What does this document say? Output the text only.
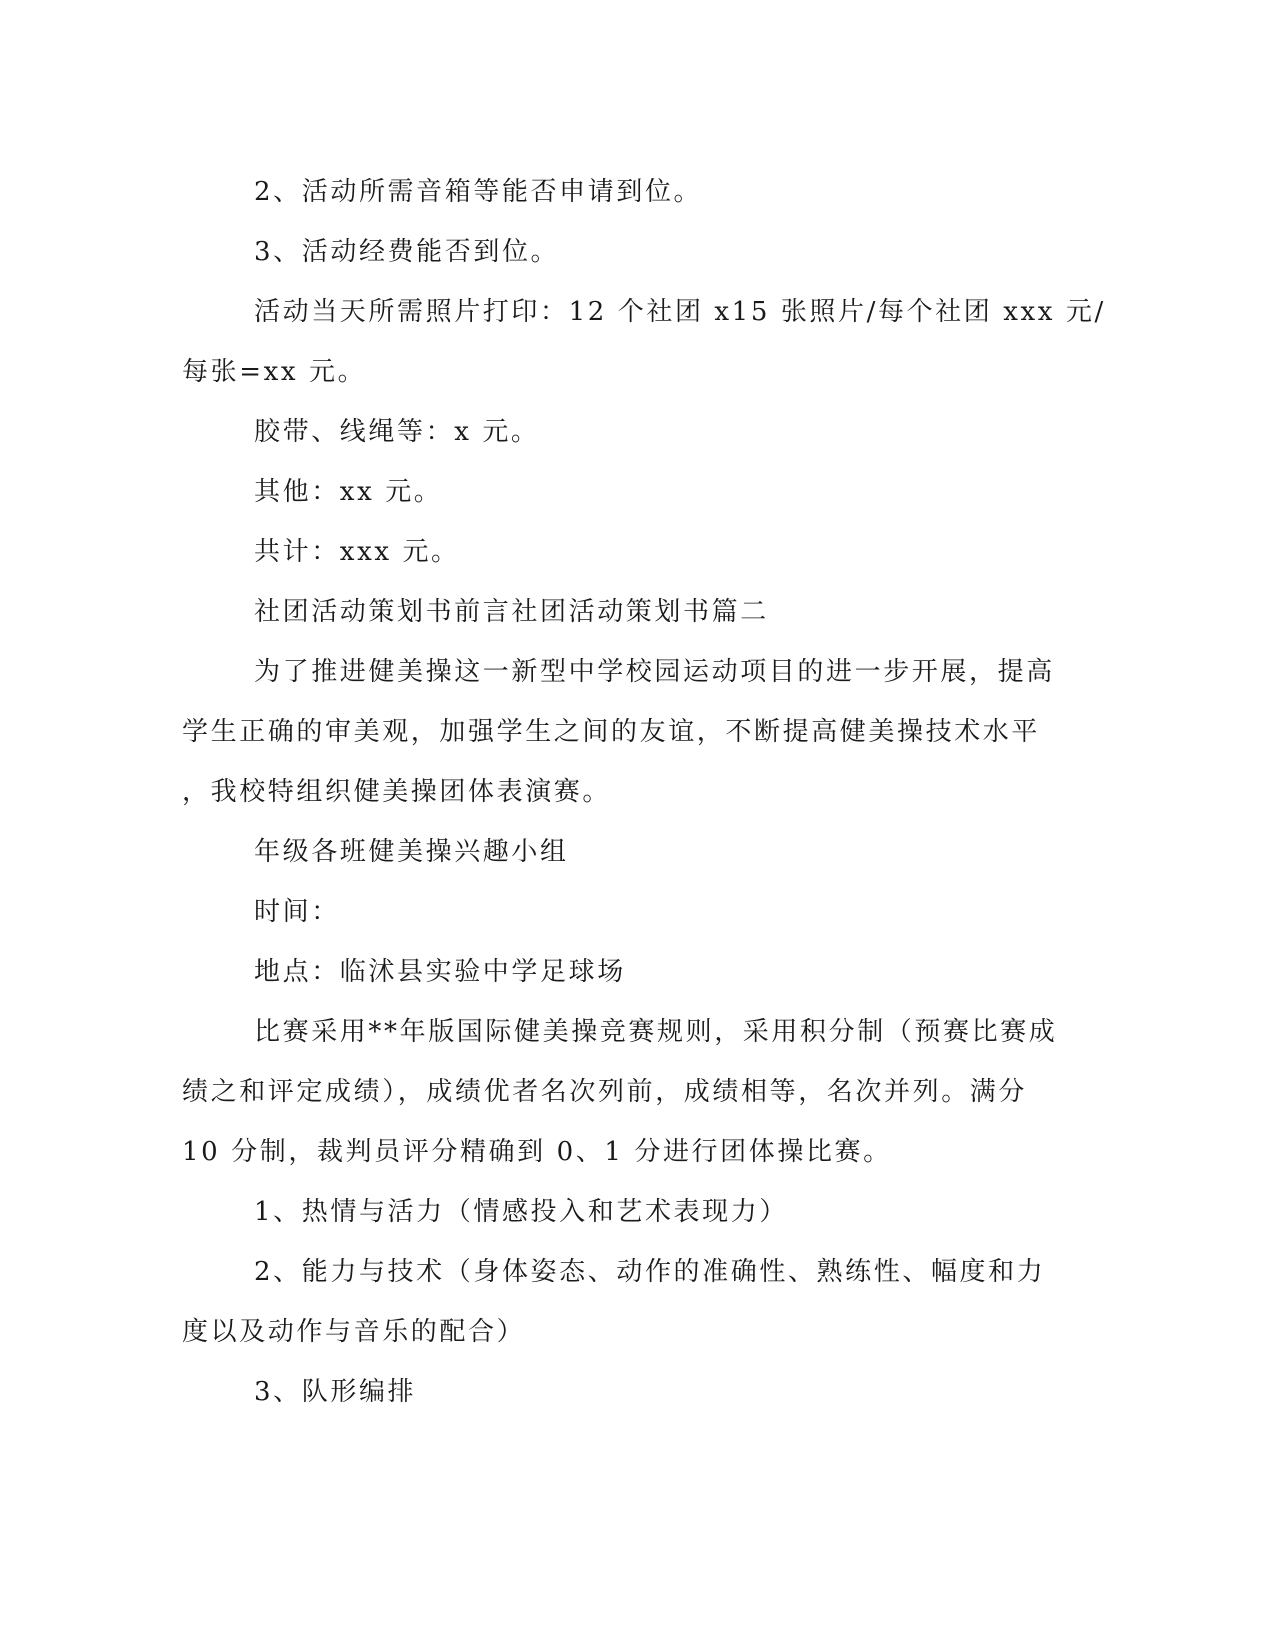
2、活动所需音箱等能否申请到位。

3、活动经费能否到位。

活动当天所需照片打印：12 个社团 x15 张照片/每个社团 xxx 元/

每张=xx 元。

胶带、线绳等：x 元。

其他：xx 元。

共计：xxx 元。

社团活动策划书前言社团活动策划书篇二

为了推进健美操这一新型中学校园运动项目的进一步开展，提高

学生正确的审美观，加强学生之间的友谊，不断提高健美操技术水平

，我校特组织健美操团体表演赛。

年级各班健美操兴趣小组

时间：

地点：临沭县实验中学足球场

比赛采用**年版国际健美操竞赛规则，采用积分制（预赛比赛成

绩之和评定成绩），成绩优者名次列前，成绩相等，名次并列。满分

10 分制，裁判员评分精确到 0、1 分进行团体操比赛。

1、热情与活力（情感投入和艺术表现力）

2、能力与技术（身体姿态、动作的准确性、熟练性、幅度和力

度以及动作与音乐的配合）

3、队形编排
